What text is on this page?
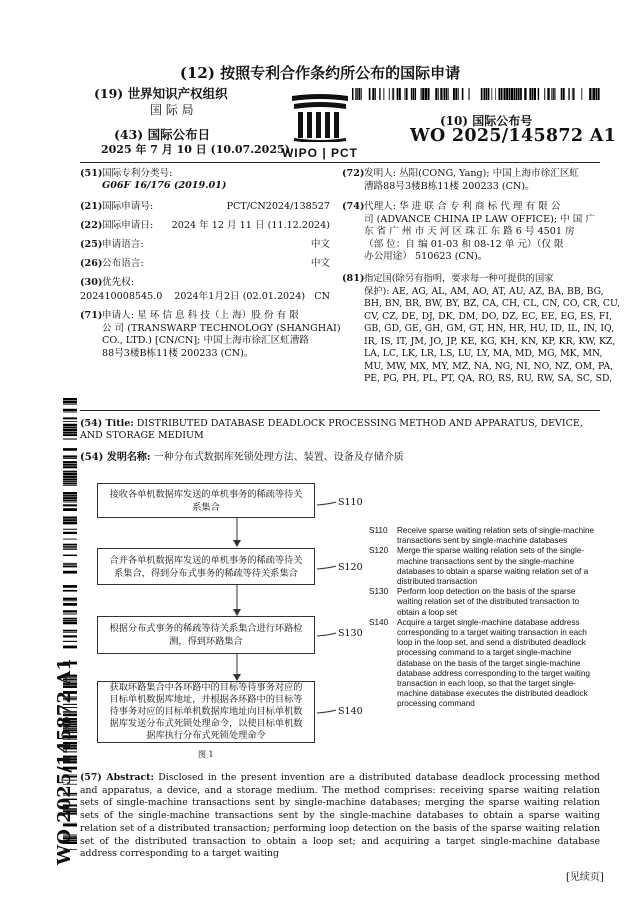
(12) 按照专利合作条约所公布的国际申请
(19) 世界知识产权组织
国 际 局
(43) 国际公布日
2025 年 7 月 10 日 (10.07.2025)
WIPO | PCT
(10) 国际公布号
WO 2025/145872 A1
(51) 国际专利分类号:
G06F 16/176 (2019.01)
(21) 国际申请号:	PCT/CN2024/138527
(22) 国际申请日: 2024 年 12 月 11 日 (11.12.2024)
(25) 申请语言:	中文
(26) 公布语言:	中文
(30) 优先权:
202410008545.0 2024年1月2日 (02.01.2024)   CN
(71) 申请人: 星 环 信 息 科 技（上 海）股 份 有 限
公 司 (TRANSWARP TECHNOLOGY (SHANGHAI)
CO., LTD.) [CN/CN]; 中国上海市徐汇区虹漕路
88号3楼B栋11楼 200233 (CN)。
(72) 发明人: 丛阳(CONG, Yang); 中国上海市徐汇区虹
漕路88号3楼B栋11楼 200233 (CN)。
(74) 代理人: 华 进 联 合 专 利 商 标 代 理 有 限 公
司 (ADVANCE CHINA IP LAW OFFICE); 中 国 广
东 省 广 州 市 天 河 区 珠 江 东 路 6 号 4501 房
（部 位：自 编 01-03 和 08-12 单 元）（仅 限
办公用途） 510623 (CN)。
(81) 指定国(除另有指明，要求每一种可提供的国家
保护): AE, AG, AL, AM, AO, AT, AU, AZ, BA, BB, BG,
BH, BN, BR, BW, BY, BZ, CA, CH, CL, CN, CO, CR, CU,
CV, CZ, DE, DJ, DK, DM, DO, DZ, EC, EE, EG, ES, FI,
GB, GD, GE, GH, GM, GT, HN, HR, HU, ID, IL, IN, IQ,
IR, IS, IT, JM, JO, JP, KE, KG, KH, KN, KP, KR, KW, KZ,
LA, LC, LK, LR, LS, LU, LY, MA, MD, MG, MK, MN,
MU, MW, MX, MY, MZ, NA, NG, NI, NO, NZ, OM, PA,
PE, PG, PH, PL, PT, QA, RO, RS, RU, RW, SA, SC, SD,
WO 2025/145872 A1
(54) Title: DISTRIBUTED DATABASE DEADLOCK PROCESSING METHOD AND APPARATUS, DEVICE, AND STORAGE MEDIUM
(54) 发明名称: 一种分布式数据库死锁处理方法、装置、设备及存储介质
接收各单机数据库发送的单机事务的稀疏等待关系集合
合并各单机数据库发送的单机事务的稀疏等待关系集合，得到分布式事务的稀疏等待关系集合
根据分布式事务的稀疏等待关系集合进行环路检测，得到环路集合
获取环路集合中各环路中的目标等待事务对应的目标单机数据库地址，并根据各环路中的目标等待事务对应的目标单机数据库地址向目标单机数据库发送分布式死锁处理命令，以使目标单机数据库执行分布式死锁处理命令
S110
S120
S130
S140
图 1
S110 Receive sparse waiting relation sets of single-machine transactions sent by single-machine databases
S120 Merge the sparse waiting relation sets of the single-machine transactions sent by the single-machine databases to obtain a sparse waiting relation set of a distributed transaction
S130 Perform loop detection on the basis of the sparse waiting relation set of the distributed transaction to obtain a loop set
S140 Acquire a target single-machine database address corresponding to a target waiting transaction in each loop in the loop set, and send a distributed deadlock processing command to a target single-machine database on the basis of the target single-machine database address corresponding to the target waiting transaction in each loop, so that the target single-machine database executes the distributed deadlock processing command
(57) Abstract: Disclosed in the present invention are a distributed database deadlock processing method and apparatus, a device, and a storage medium. The method comprises: receiving sparse waiting relation sets of single-machine transactions sent by single-machine databases; merging the sparse waiting relation sets of the single-machine transactions sent by the single-machine databases to obtain a sparse waiting relation set of a distributed transaction; performing loop detection on the basis of the sparse waiting relation set of the distributed transaction to obtain a loop set; and acquiring a target single-machine database address corresponding to a target waiting
[见续页]
